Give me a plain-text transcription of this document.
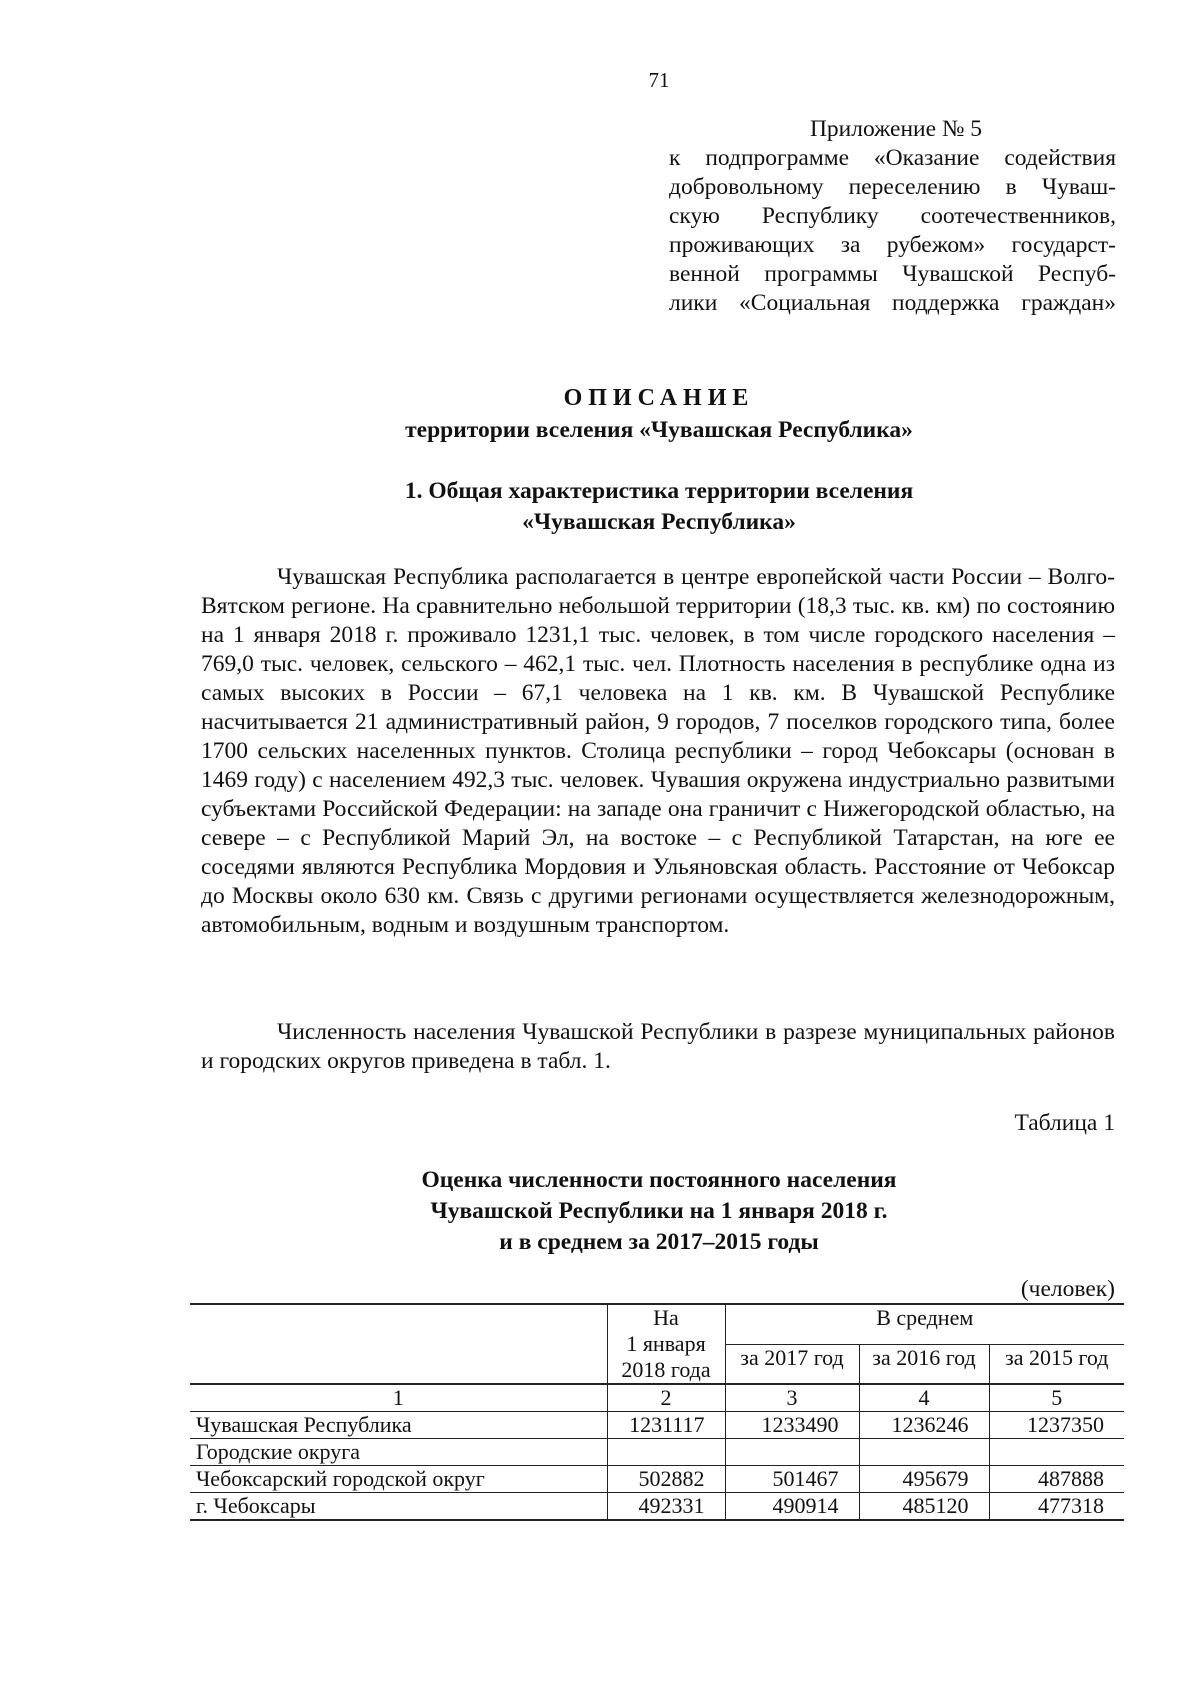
71
Приложение № 5
к подпрограмме «Оказание содействия
добровольному переселению в Чуваш-
скую Республику соотечественников,
проживающих за рубежом» государст-
венной программы Чувашской Респуб-
лики «Социальная поддержка граждан»
ОПИСАНИЕ
территории вселения «Чувашская Республика»
1. Общая характеристика территории вселения
«Чувашская Республика»
Чувашская Республика располагается в центре европейской части России – Волго-Вятском регионе. На сравнительно небольшой территории (18,3 тыс. кв. км) по состоянию на 1 января 2018 г. проживало 1231,1 тыс. человек, в том числе городского населения – 769,0 тыс. человек, сельского – 462,1 тыс. чел. Плотность населения в республике одна из самых высоких в России – 67,1 человека на 1 кв. км. В Чувашской Республике насчитывается 21 административный район, 9 городов, 7 поселков городского типа, более 1700 сельских населенных пунктов. Столица республики – город Чебоксары (основан в 1469 году) с населением 492,3 тыс. человек. Чувашия окружена индустриально развитыми субъектами Российской Федерации: на западе она граничит с Нижегородской областью, на севере – с Республикой Марий Эл, на востоке – с Республикой Татарстан, на юге ее соседями являются Республика Мордовия и Ульяновская область. Расстояние от Чебоксар до Москвы около 630 км. Связь с другими регионами осуществляется железнодорожным, автомобильным, водным и воздушным транспортом.
Численность населения Чувашской Республики в разрезе муниципальных районов и городских округов приведена в табл. 1.
Таблица 1
Оценка численности постоянного населения
Чувашской Республики на 1 января 2018 г.
и в среднем за 2017–2015 годы
(человек)

	На
1 января
2018 года	В среднем		
		за 2017 год	за 2016 год	за 2015 год

1	2	3	4	5
Чувашская Республика	1231117	1233490	1236246	1237350
Городские округа				
Чебоксарский городской округ	502882	501467	495679	487888
г. Чебоксары	492331	490914	485120	477318
